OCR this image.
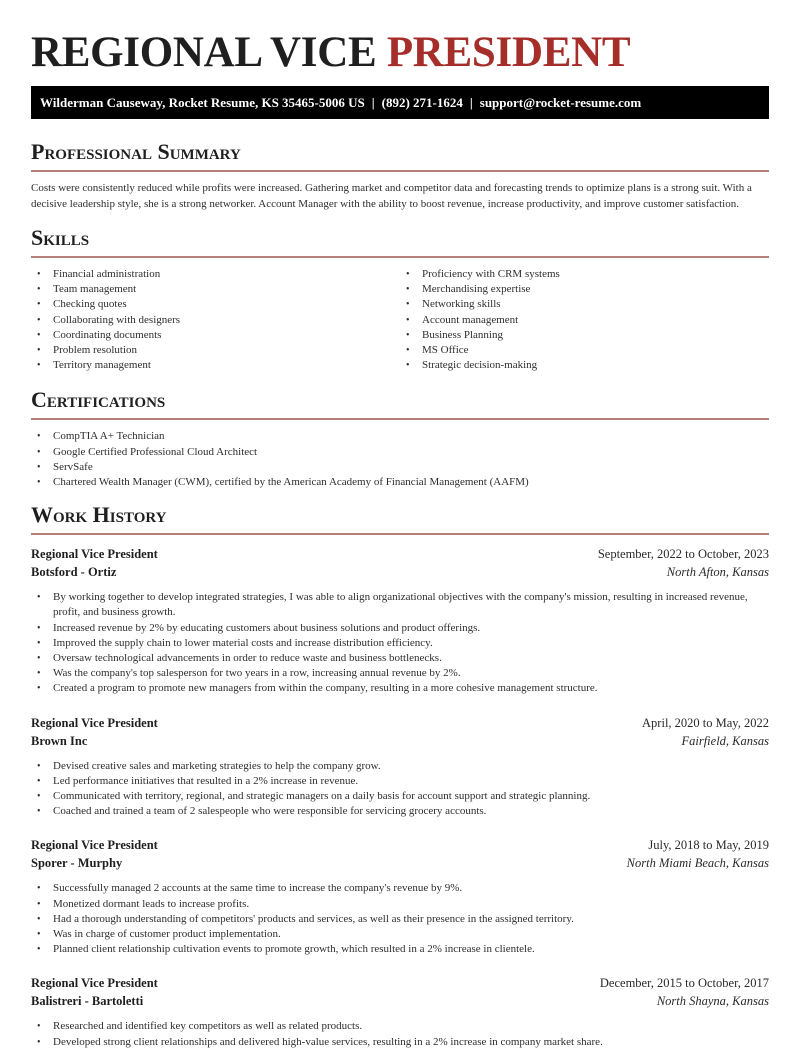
REGIONAL VICE PRESIDENT
Wilderman Causeway, Rocket Resume, KS 35465-5006 US | (892) 271-1624 | support@rocket-resume.com
Professional Summary

Costs were consistently reduced while profits were increased. Gathering market and competitor data and forecasting trends to optimize plans is a strong suit. With a decisive leadership style, she is a strong networker. Account Manager with the ability to boost revenue, increase productivity, and improve customer satisfaction.

Skills
• Financial administration
• Team management
• Checking quotes
• Collaborating with designers
• Coordinating documents
• Problem resolution
• Territory management
• Proficiency with CRM systems
• Merchandising expertise
• Networking skills
• Account management
• Business Planning
• MS Office
• Strategic decision-making
Certifications
• CompTIA A+ Technician
• Google Certified Professional Cloud Architect
• ServSafe
• Chartered Wealth Manager (CWM), certified by the American Academy of Financial Management (AAFM)
Work History
Regional Vice President	September, 2022 to October, 2023
Botsford - Ortiz	North Afton, Kansas
• By working together to develop integrated strategies, I was able to align organizational objectives with the company's mission, resulting in increased revenue, profit, and business growth.
• Increased revenue by 2% by educating customers about business solutions and product offerings.
• Improved the supply chain to lower material costs and increase distribution efficiency.
• Oversaw technological advancements in order to reduce waste and business bottlenecks.
• Was the company's top salesperson for two years in a row, increasing annual revenue by 2%.
• Created a program to promote new managers from within the company, resulting in a more cohesive management structure.
Regional Vice President	April, 2020 to May, 2022
Brown Inc	Fairfield, Kansas
• Devised creative sales and marketing strategies to help the company grow.
• Led performance initiatives that resulted in a 2% increase in revenue.
• Communicated with territory, regional, and strategic managers on a daily basis for account support and strategic planning.
• Coached and trained a team of 2 salespeople who were responsible for servicing grocery accounts.
Regional Vice President	July, 2018 to May, 2019
Sporer - Murphy	North Miami Beach, Kansas
• Successfully managed 2 accounts at the same time to increase the company's revenue by 9%.
• Monetized dormant leads to increase profits.
• Had a thorough understanding of competitors' products and services, as well as their presence in the assigned territory.
• Was in charge of customer product implementation.
• Planned client relationship cultivation events to promote growth, which resulted in a 2% increase in clientele.
Regional Vice President	December, 2015 to October, 2017
Balistreri - Bartoletti	North Shayna, Kansas
• Researched and identified key competitors as well as related products.
• Developed strong client relationships and delivered high-value services, resulting in a 2% increase in company market share.
